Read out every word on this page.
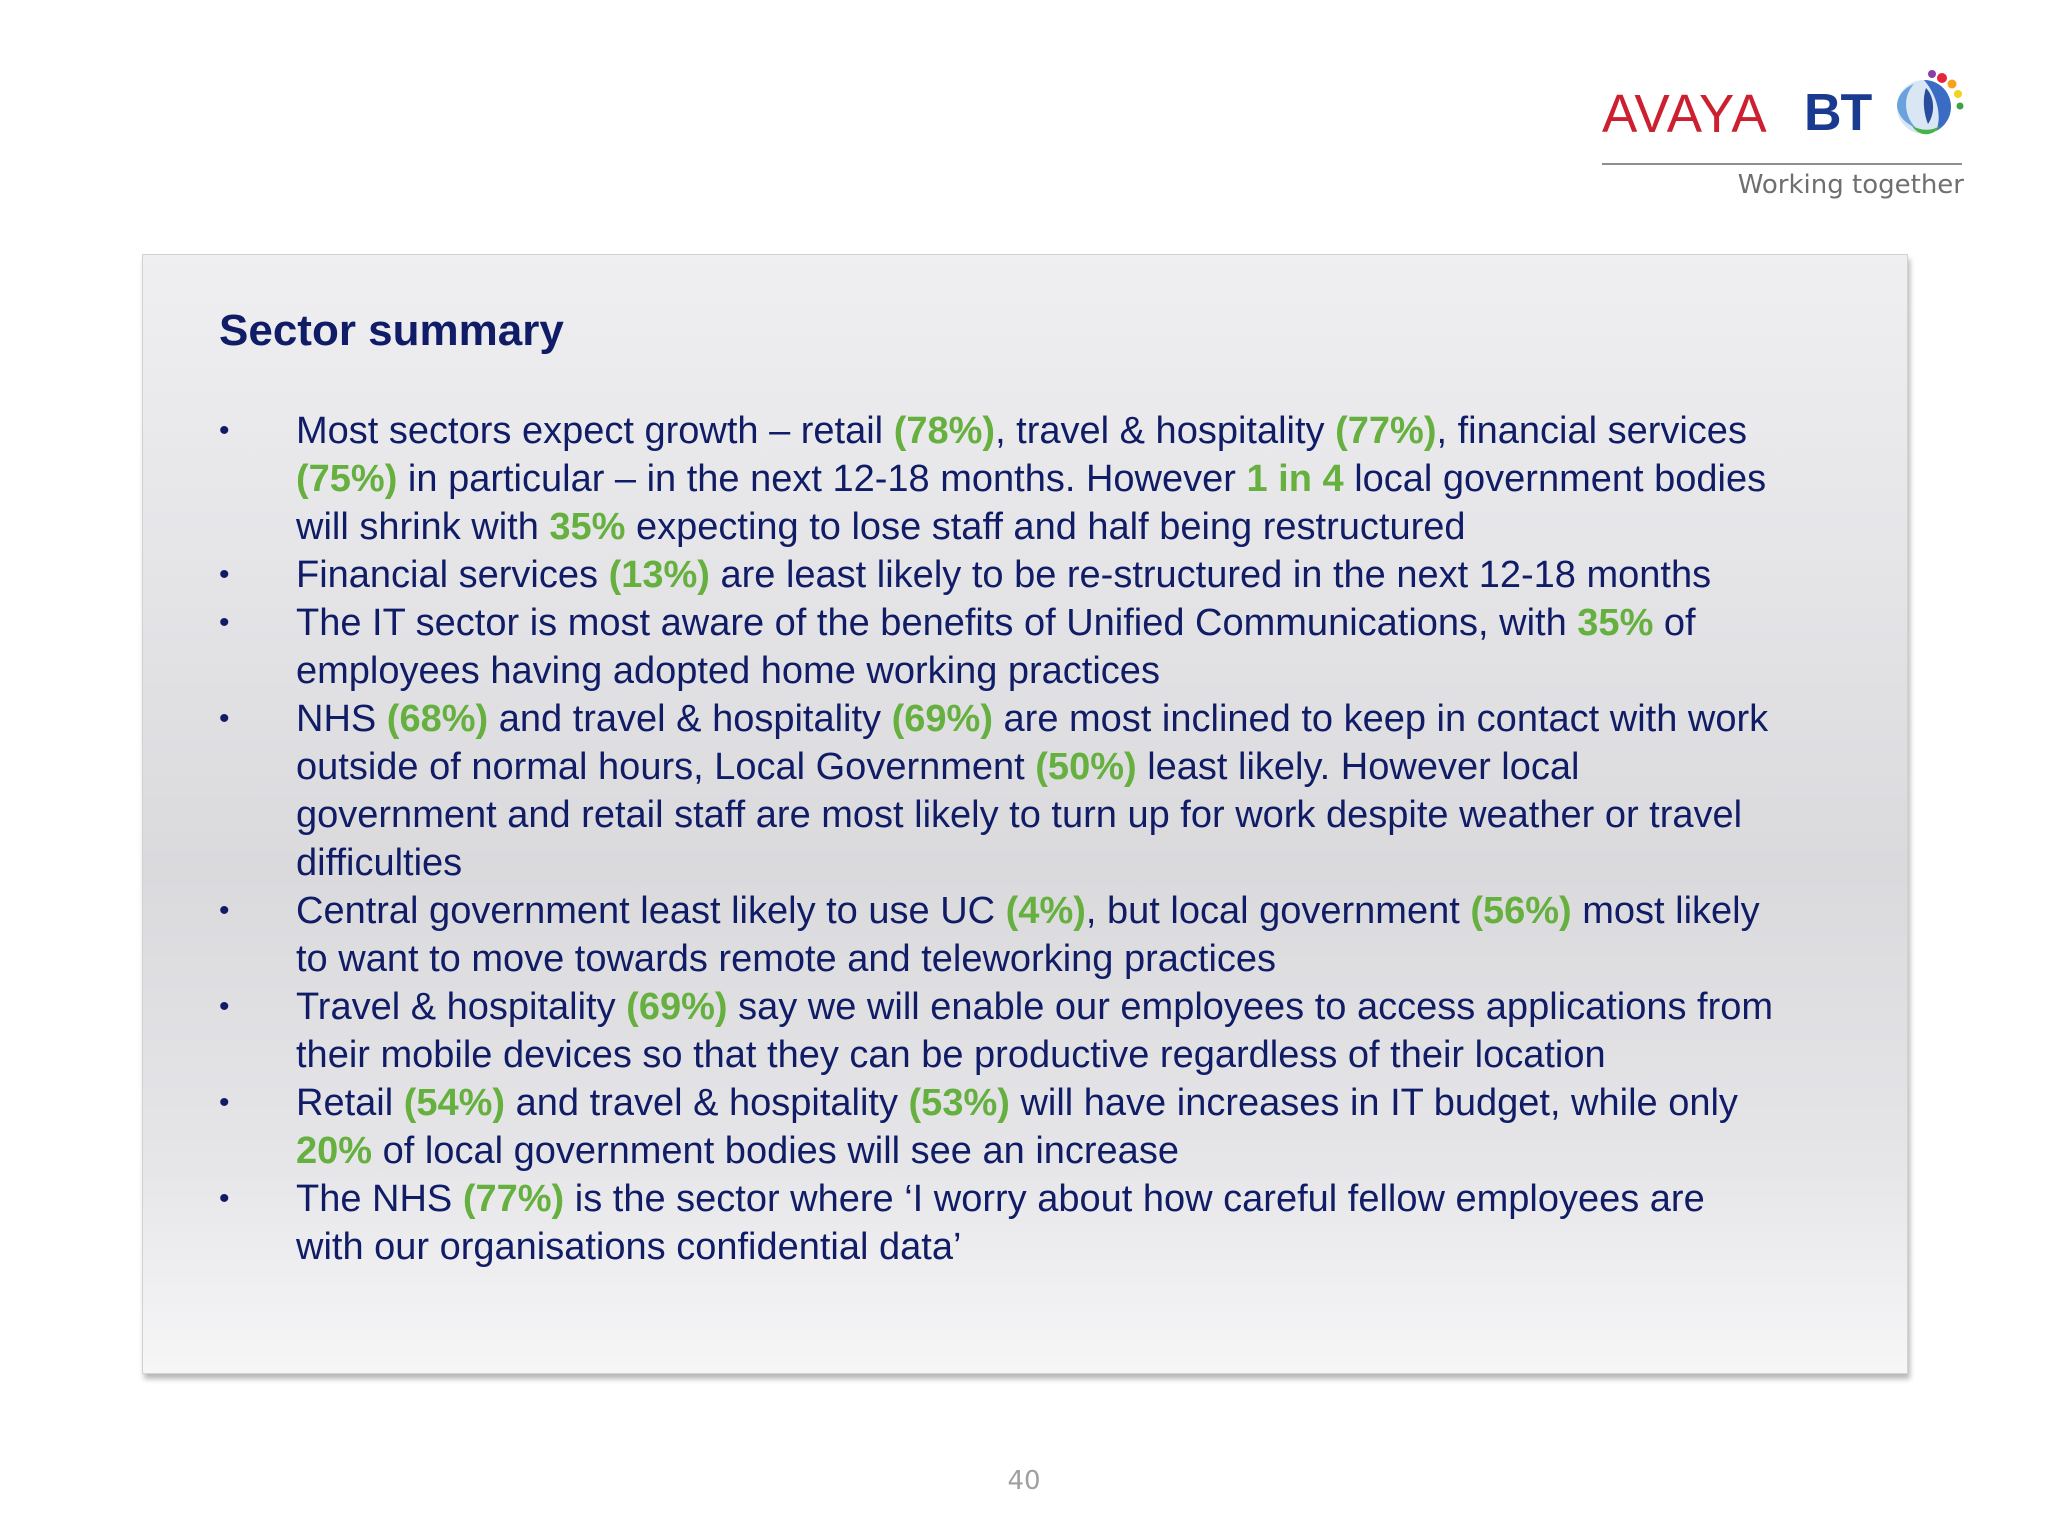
AVAYA BT
Working together
Sector summary
•	Most sectors expect growth – retail (78%), travel & hospitality (77%), financial services (75%) in particular – in the next 12-18 months. However 1 in 4 local government bodies will shrink with 35% expecting to lose staff and half being restructured
•	Financial services (13%) are least likely to be re-structured in the next 12-18 months
•	The IT sector is most aware of the benefits of Unified Communications, with 35% of employees having adopted home working practices
•	NHS (68%) and travel & hospitality (69%) are most inclined to keep in contact with work outside of normal hours, Local Government (50%) least likely. However local government and retail staff are most likely to turn up for work despite weather or travel difficulties
•	Central government least likely to use UC (4%), but local government (56%) most likely to want to move towards remote and teleworking practices
•	Travel & hospitality (69%) say we will enable our employees to access applications from their mobile devices so that they can be productive regardless of their location
•	Retail (54%) and travel & hospitality (53%) will have increases in IT budget, while only 20% of local government bodies will see an increase
•	The NHS (77%) is the sector where ‘I worry about how careful fellow employees are with our organisations confidential data’
40
